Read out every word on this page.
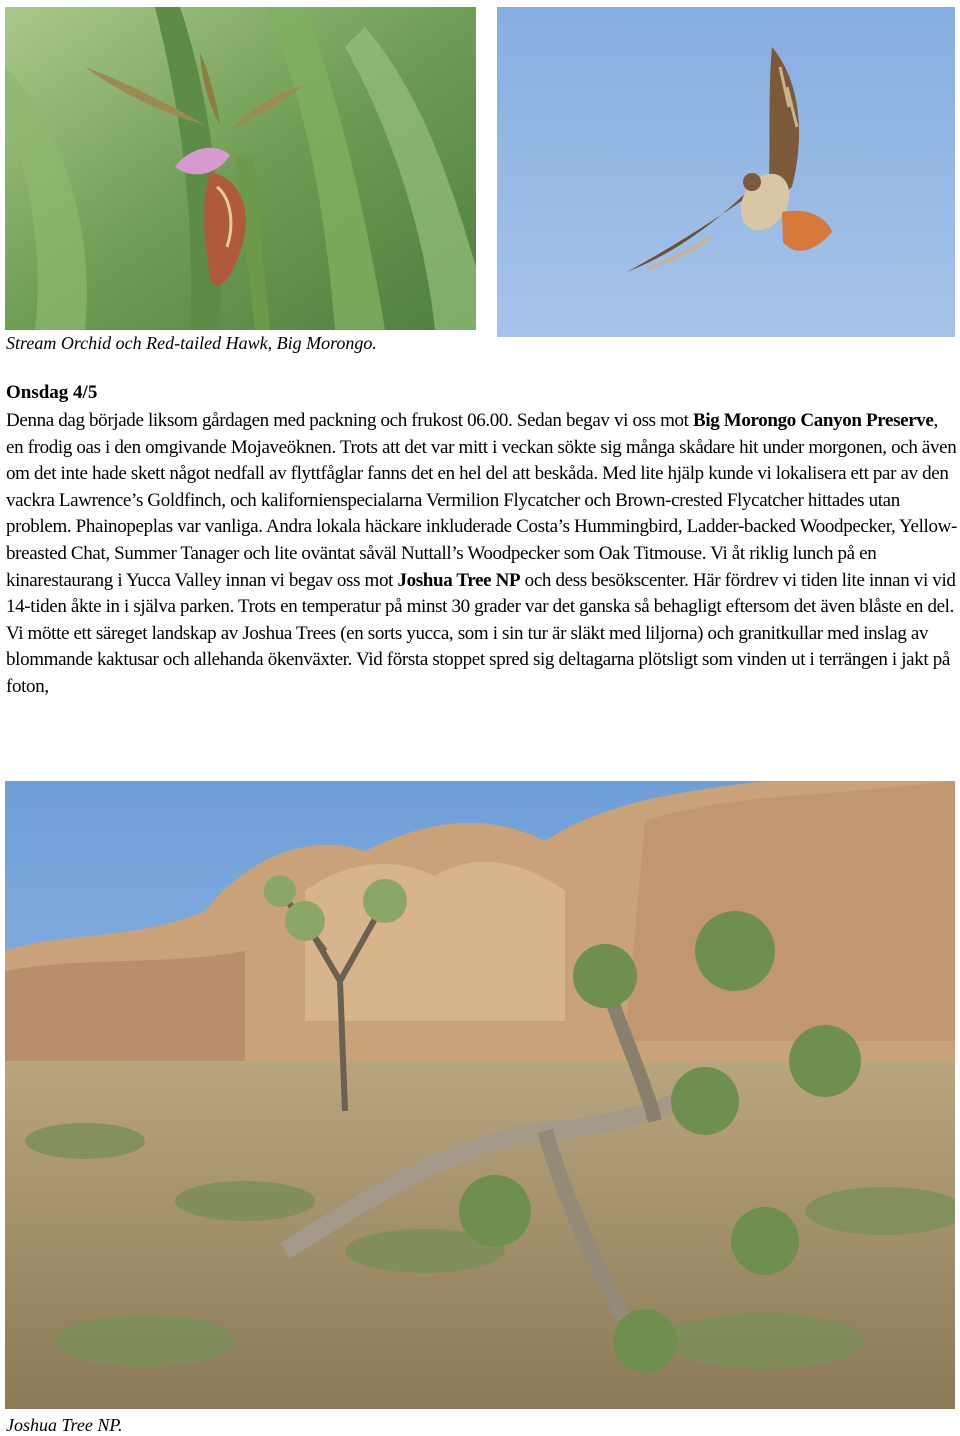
Stream Orchid och Red-tailed Hawk, Big Morongo.

Onsdag 4/5

Denna dag började liksom gårdagen med packning och frukost 06.00. Sedan begav vi oss mot Big Morongo Canyon Preserve, en frodig oas i den omgivande Mojaveöknen. Trots att det var mitt i veckan sökte sig många skådare hit under morgonen, och även om det inte hade skett något nedfall av flyttfåglar fanns det en hel del att beskåda. Med lite hjälp kunde vi lokalisera ett par av den vackra Lawrence’s Goldfinch, och kalifornienspecialarna Vermilion Flycatcher och Brown-crested Flycatcher hittades utan problem. Phainopeplas var vanliga. Andra lokala häckare inkluderade Costa’s Hummingbird, Ladder-backed Woodpecker, Yellow-breasted Chat, Summer Tanager och lite oväntat såväl Nuttall’s Woodpecker som Oak Titmouse. Vi åt riklig lunch på en kinarestaurang i Yucca Valley innan vi begav oss mot Joshua Tree NP och dess besökscenter. Här fördrev vi tiden lite innan vi vid 14-tiden åkte in i själva parken. Trots en temperatur på minst 30 grader var det ganska så behagligt eftersom det även blåste en del. Vi mötte ett säreget landskap av Joshua Trees (en sorts yucca, som i sin tur är släkt med liljorna) och granitkullar med inslag av blommande kaktusar och allehanda ökenväxter. Vid första stoppet spred sig deltagarna plötsligt som vinden ut i terrängen i jakt på foton,

Joshua Tree NP.
